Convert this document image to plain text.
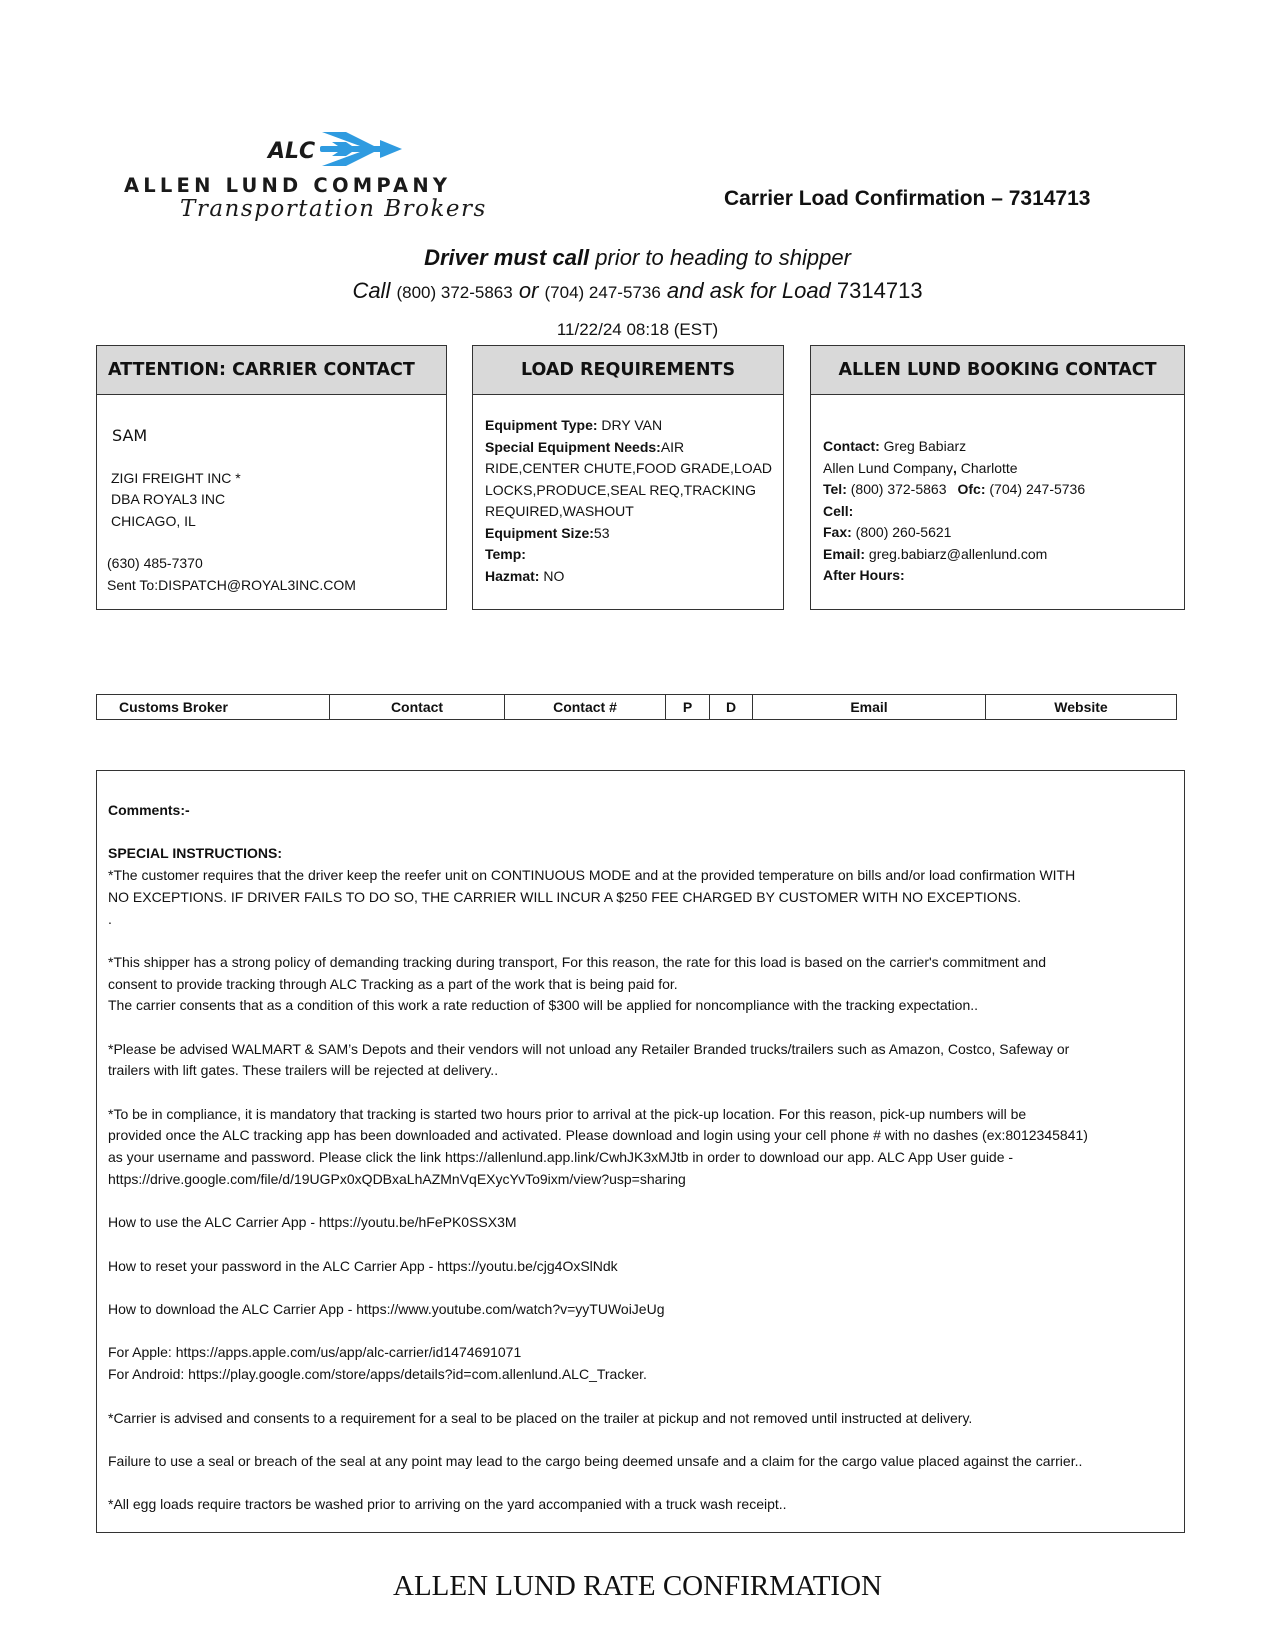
ALC
ALLEN LUND COMPANY
Transportation Brokers	Carrier Load Confirmation – 7314713
Driver must call prior to heading to shipper
Call (800) 372-5863 or (704) 247-5736 and ask for Load 7314713
11/22/24 08:18 (EST)
ATTENTION: CARRIER CONTACT
SAM
ZIGI FREIGHT INC *
DBA ROYAL3 INC
CHICAGO, IL
(630) 485-7370
Sent To:DISPATCH@ROYAL3INC.COM
LOAD REQUIREMENTS
Equipment Type: DRY VAN
Special Equipment Needs:AIR
RIDE,CENTER CHUTE,FOOD GRADE,LOAD
LOCKS,PRODUCE,SEAL REQ,TRACKING
REQUIRED,WASHOUT
Equipment Size:53
Temp:
Hazmat: NO
ALLEN LUND BOOKING CONTACT
Contact: Greg Babiarz
Allen Lund Company, Charlotte
Tel: (800) 372-5863 Ofc: (704) 247-5736
Cell:
Fax: (800) 260-5621
Email: greg.babiarz@allenlund.com
After Hours:
Customs Broker	Contact	Contact #	P	D	Email	Website

Comments:-

SPECIAL INSTRUCTIONS:

*The customer requires that the driver keep the reefer unit on CONTINUOUS MODE and at the provided temperature on bills and/or load confirmation WITH

NO EXCEPTIONS. IF DRIVER FAILS TO DO SO, THE CARRIER WILL INCUR A $250 FEE CHARGED BY CUSTOMER WITH NO EXCEPTIONS.

.

*This shipper has a strong policy of demanding tracking during transport, For this reason, the rate for this load is based on the carrier's commitment and

consent to provide tracking through ALC Tracking as a part of the work that is being paid for.

The carrier consents that as a condition of this work a rate reduction of $300 will be applied for noncompliance with the tracking expectation..

*Please be advised WALMART & SAM’s Depots and their vendors will not unload any Retailer Branded trucks/trailers such as Amazon, Costco, Safeway or

trailers with lift gates. These trailers will be rejected at delivery..

*To be in compliance, it is mandatory that tracking is started two hours prior to arrival at the pick-up location. For this reason, pick-up numbers will be

provided once the ALC tracking app has been downloaded and activated. Please download and login using your cell phone # with no dashes (ex:8012345841)

as your username and password. Please click the link https://allenlund.app.link/CwhJK3xMJtb in order to download our app. ALC App User guide -

https://drive.google.com/file/d/19UGPx0xQDBxaLhAZMnVqEXycYvTo9ixm/view?usp=sharing

How to use the ALC Carrier App - https://youtu.be/hFePK0SSX3M

How to reset your password in the ALC Carrier App - https://youtu.be/cjg4OxSlNdk

How to download the ALC Carrier App - https://www.youtube.com/watch?v=yyTUWoiJeUg

For Apple: https://apps.apple.com/us/app/alc-carrier/id1474691071

For Android: https://play.google.com/store/apps/details?id=com.allenlund.ALC_Tracker.

*Carrier is advised and consents to a requirement for a seal to be placed on the trailer at pickup and not removed until instructed at delivery.

Failure to use a seal or breach of the seal at any point may lead to the cargo being deemed unsafe and a claim for the cargo value placed against the carrier..

*All egg loads require tractors be washed prior to arriving on the yard accompanied with a truck wash receipt..

ALLEN LUND RATE CONFIRMATION
